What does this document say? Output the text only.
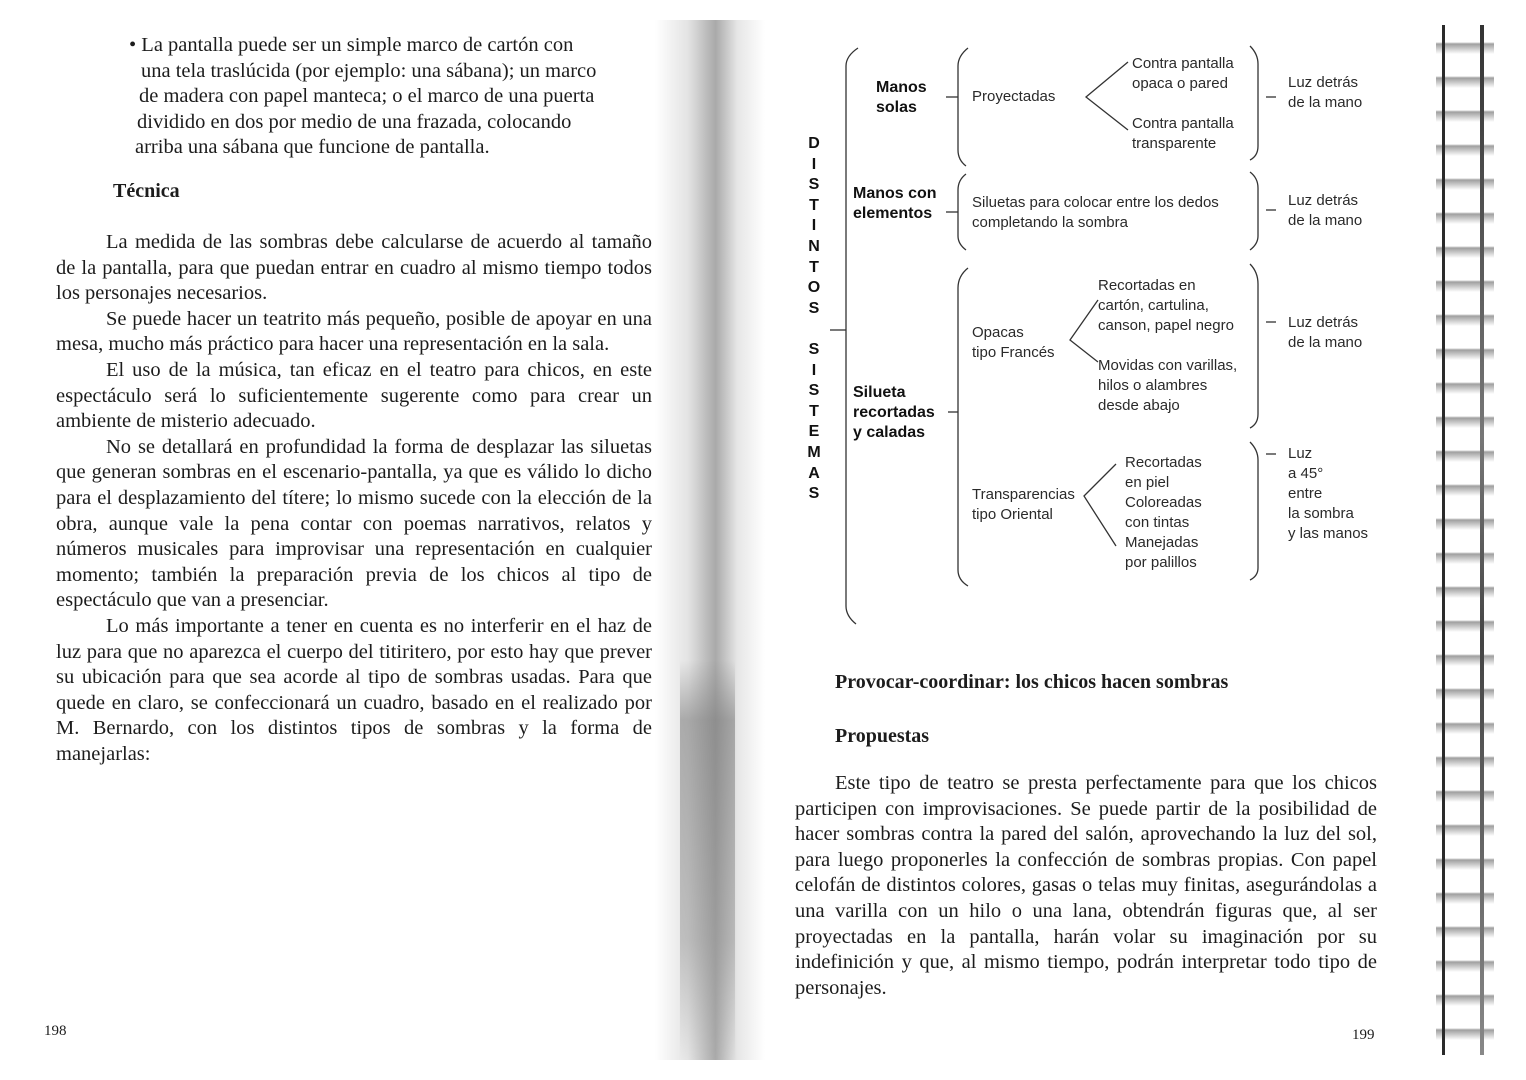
• La pantalla puede ser un simple marco de cartón con

una tela traslúcida (por ejemplo: una sábana); un marco

de madera con papel manteca; o el marco de una puerta

dividido en dos por medio de una frazada, colocando

arriba una sábana que funcione de pantalla.

Técnica

La medida de las sombras debe calcularse de acuerdo al tamaño de la pantalla, para que puedan entrar en cuadro al mismo tiempo todos los personajes necesarios.

Se puede hacer un teatrito más pequeño, posible de apoyar en una mesa, mucho más práctico para hacer una representación en la sala.

El uso de la música, tan eficaz en el teatro para chicos, en este espectáculo será lo suficientemente sugerente como para crear un ambiente de misterio adecuado.

No se detallará en profundidad la forma de desplazar las siluetas que generan sombras en el escenario-pantalla, ya que es válido lo dicho para el desplazamiento del títere; lo mismo sucede con la elección de la obra, aunque vale la pena contar con poemas narrativos, relatos y números musicales para improvisar una representación en cualquier momento; también la preparación previa de los chicos al tipo de espectáculo que van a presenciar.

Lo más importante a tener en cuenta es no interferir en el haz de luz para que no aparezca el cuerpo del titiritero, por esto hay que prever su ubicación para que sea acorde al tipo de sombras usadas. Para que quede en claro, se confeccionará un cuadro, basado en el realizado por M. Bernardo, con los distintos tipos de sombras y la forma de manejarlas:

198
D
I
S
T
I
N
T
O
S
S
I
S
T
E
M
A
S
Manos
solas
Proyectadas
Contra pantalla
opaca o pared
Contra pantalla
transparente
Luz detrás
de la mano
Manos con
elementos
Siluetas para colocar entre los dedos
completando la sombra
Luz detrás
de la mano
Silueta
recortadas
y caladas
Opacas
tipo Francés
Recortadas en
cartón, cartulina,
canson, papel negro
Movidas con varillas,
hilos o alambres
desde abajo
Luz detrás
de la mano
Transparencias
tipo Oriental
Recortadas
en piel
Coloreadas
con tintas
Manejadas
por palillos
Luz
a 45°
entre
la sombra
y las manos
Provocar-coordinar: los chicos hacen sombras
Propuestas

Este tipo de teatro se presta perfectamente para que los chicos participen con improvisaciones. Se puede partir de la posibilidad de hacer sombras contra la pared del salón, aprovechando la luz del sol, para luego proponerles la confección de sombras propias. Con papel celofán de distintos colores, gasas o telas muy finitas, asegurándolas a una varilla con un hilo o una lana, obtendrán figuras que, al ser proyectadas en la pantalla, harán volar su imaginación por su indefinición y que, al mismo tiempo, podrán interpretar todo tipo de personajes.

199
